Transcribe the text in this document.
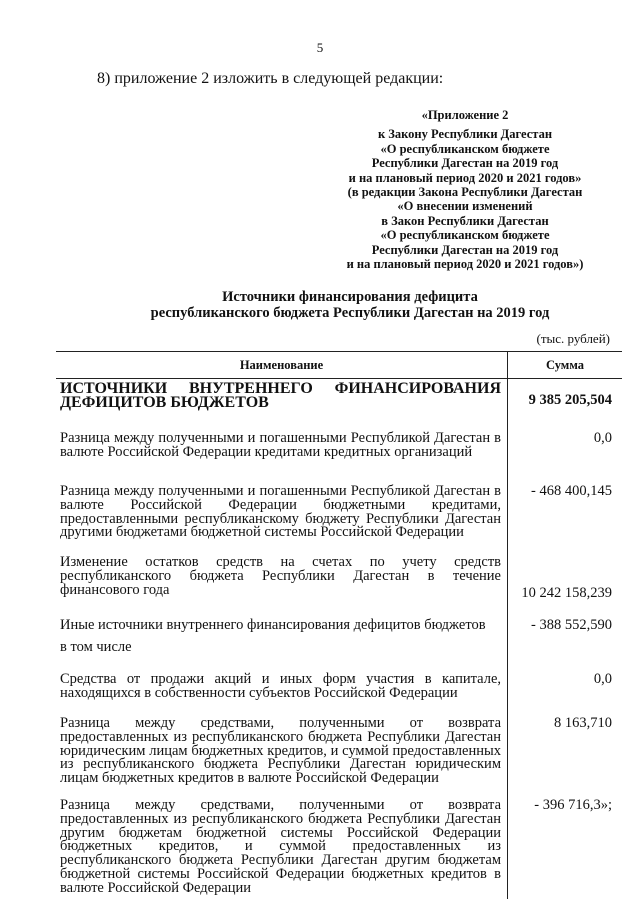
5
8) приложение 2 изложить в следующей редакции:
«Приложение 2
к Закону Республики Дагестан
«О республиканском бюджете
Республики Дагестан на 2019 год
и на плановый период 2020 и 2021 годов»
(в редакции Закона Республики Дагестан
«О внесении изменений
в Закон Республики Дагестан
«О республиканском бюджете
Республики Дагестан на 2019 год
и на плановый период 2020 и 2021 годов»)
Источники финансирования дефицита
республиканского бюджета Республики Дагестан на 2019 год
(тыс. рублей)
Наименование	Сумма
ИСТОЧНИКИ ВНУТРЕННЕГО ФИНАНСИРОВАНИЯ ДЕФИЦИТОВ БЮДЖЕТОВ	9 385 205,504
Разница между полученными и погашенными Республикой Дагестан в валюте Российской Федерации кредитами кредитных организаций	0,0
Разница между полученными и погашенными Республикой Дагестан в валюте Российской Федерации бюджетными кредитами, предоставленными республиканскому бюджету Республики Дагестан другими бюджетами бюджетной системы Российской Федерации	- 468 400,145
Изменение остатков средств на счетах по учету средств республиканского бюджета Республики Дагестан в течение финансового года	10 242 158,239
Иные источники внутреннего финансирования дефицитов бюджетов	- 388 552,590
в том числе	
Средства от продажи акций и иных форм участия в капитале, находящихся в собственности субъектов Российской Федерации	0,0
Разница между средствами, полученными от возврата предоставленных из республиканского бюджета Республики Дагестан юридическим лицам бюджетных кредитов, и суммой предоставленных из республиканского бюджета Республики Дагестан юридическим лицам бюджетных кредитов в валюте Российской Федерации	8 163,710
Разница между средствами, полученными от возврата предоставленных из республиканского бюджета Республики Дагестан другим бюджетам бюджетной системы Российской Федерации бюджетных кредитов, и суммой предоставленных из республиканского бюджета Республики Дагестан другим бюджетам бюджетной системы Российской Федерации бюджетных кредитов в валюте Российской Федерации	- 396 716,3»;
